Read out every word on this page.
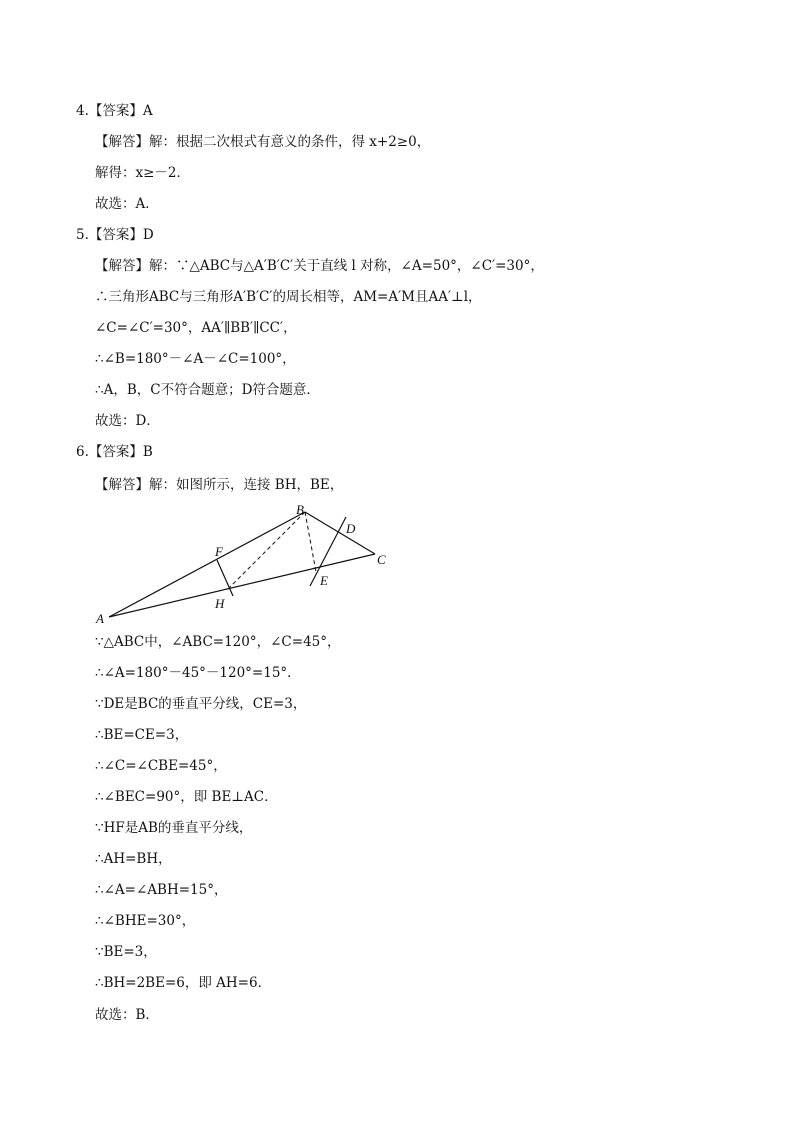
4.【答案】A
【解答】解：根据二次根式有意义的条件，得 x+2≥0，
解得：x≥－2．
故选：A．
5.【答案】D
【解答】解：∵△ABC与△A′B′C′关于直线 l 对称，∠A=50°，∠C′=30°，
∴三角形ABC与三角形A′B′C′的周长相等，AM=A′M且AA′⊥l，
∠C=∠C′=30°，AA′∥BB′∥CC′，
∴∠B=180°－∠A－∠C=100°，
∴A，B，C不符合题意；D符合题意．
故选：D．
6.【答案】B
【解答】解：如图所示，连接 BH，BE，
A
B
C
D
E
F
H
∵△ABC中，∠ABC=120°，∠C=45°，
∴∠A=180°－45°－120°=15°．
∵DE是BC的垂直平分线，CE=3，
∴BE=CE=3，
∴∠C=∠CBE=45°，
∴∠BEC=90°，即 BE⊥AC．
∵HF是AB的垂直平分线，
∴AH=BH，
∴∠A=∠ABH=15°，
∴∠BHE=30°，
∵BE=3，
∴BH=2BE=6，即 AH=6．
故选：B．
